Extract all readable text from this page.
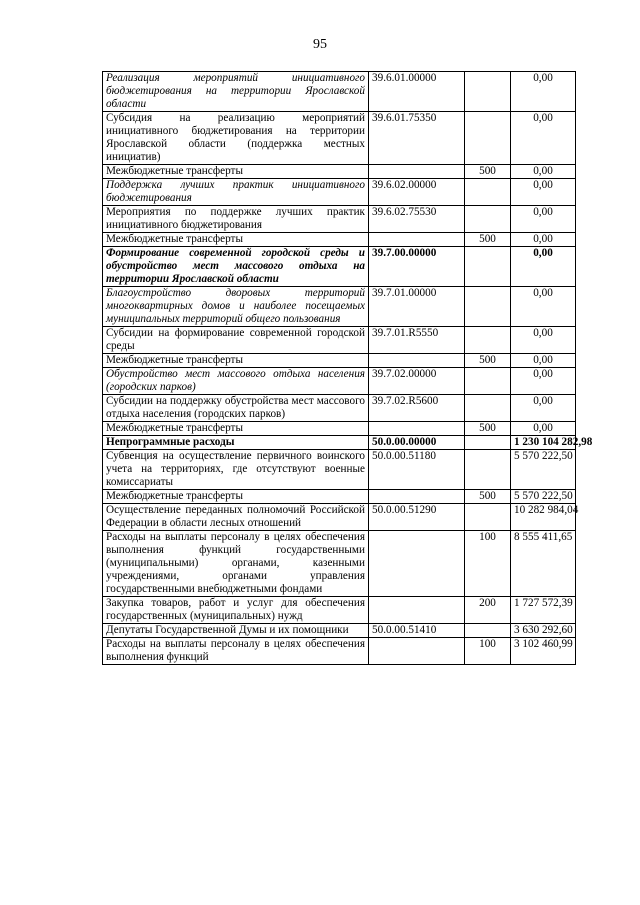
95
Реализация мероприятий инициативного бюджетирования на территории Ярославской области	39.6.01.00000		0,00
Субсидия на реализацию мероприятий инициативного бюджетирования на территории Ярославской области (поддержка местных инициатив)	39.6.01.75350		0,00
Межбюджетные трансферты		500	0,00
Поддержка лучших практик инициативного бюджетирования	39.6.02.00000		0,00
Мероприятия по поддержке лучших практик инициативного бюджетирования	39.6.02.75530		0,00
Межбюджетные трансферты		500	0,00
Формирование современной городской среды и обустройство мест массового отдыха на территории Ярославской области	39.7.00.00000		0,00
Благоустройство дворовых территорий многоквартирных домов и наиболее посещаемых муниципальных территорий общего пользования	39.7.01.00000		0,00
Субсидии на формирование современной городской среды	39.7.01.R5550		0,00
Межбюджетные трансферты		500	0,00
Обустройство мест массового отдыха населения (городских парков)	39.7.02.00000		0,00
Субсидии на поддержку обустройства мест массового отдыха населения (городских парков)	39.7.02.R5600		0,00
Межбюджетные трансферты		500	0,00
Непрограммные расходы	50.0.00.00000		1 230 104 282,98
Субвенция на осуществление первичного воинского учета на территориях, где отсутствуют военные комиссариаты	50.0.00.51180		5 570 222,50
Межбюджетные трансферты		500	5 570 222,50
Осуществление переданных полномочий Российской Федерации в области лесных отношений	50.0.00.51290		10 282 984,04
Расходы на выплаты персоналу в целях обеспечения выполнения функций государственными (муниципальными) органами, казенными учреждениями, органами управления государственными внебюджетными фондами		100	8 555 411,65
Закупка товаров, работ и услуг для обеспечения государственных (муниципальных) нужд		200	1 727 572,39
Депутаты Государственной Думы и их помощники	50.0.00.51410		3 630 292,60
Расходы на выплаты персоналу в целях обеспечения выполнения функций		100	3 102 460,99
